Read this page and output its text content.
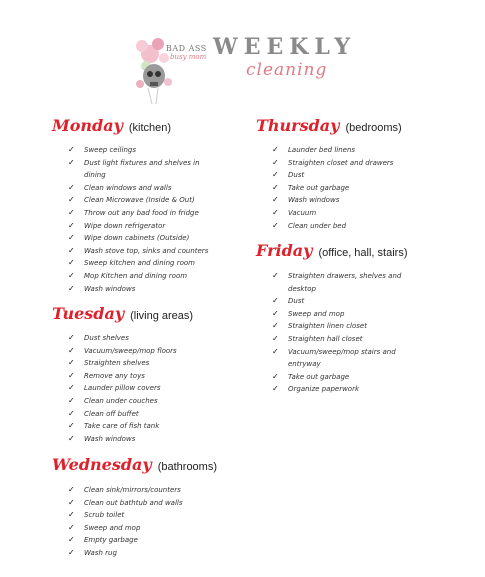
BAD ASS
busy mom WEEKLY
cleaning
Monday (kitchen)
✓ Sweep ceilings
✓ Dust light fixtures and shelves in
dining
✓ Clean windows and walls
✓ Clean Microwave (Inside & Out)
✓ Throw out any bad food in fridge
✓ Wipe down refrigerator
✓ Wipe down cabinets (Outside)
✓ Wash stove top, sinks and counters
✓ Sweep kitchen and dining room
✓ Mop Kitchen and dining room
✓ Wash windows
Tuesday (living areas)
✓ Dust shelves
✓ Vacuum/sweep/mop floors
✓ Straighten shelves
✓ Remove any toys
✓ Launder pillow covers
✓ Clean under couches
✓ Clean off buffet
✓ Take care of fish tank
✓ Wash windows
Wednesday (bathrooms)
✓ Clean sink/mirrors/counters
✓ Clean out bathtub and walls
✓ Scrub toilet
✓ Sweep and mop
✓ Empty garbage
✓ Wash rug
Thursday (bedrooms)
✓ Launder bed linens
✓ Straighten closet and drawers
✓ Dust
✓ Take out garbage
✓ Wash windows
✓ Vacuum
✓ Clean under bed
Friday (office, hall, stairs)
✓ Straighten drawers, shelves and
desktop
✓ Dust
✓ Sweep and mop
✓ Straighten linen closet
✓ Straighten hall closet
✓ Vacuum/sweep/mop stairs and
entryway
✓ Take out garbage
✓ Organize paperwork
